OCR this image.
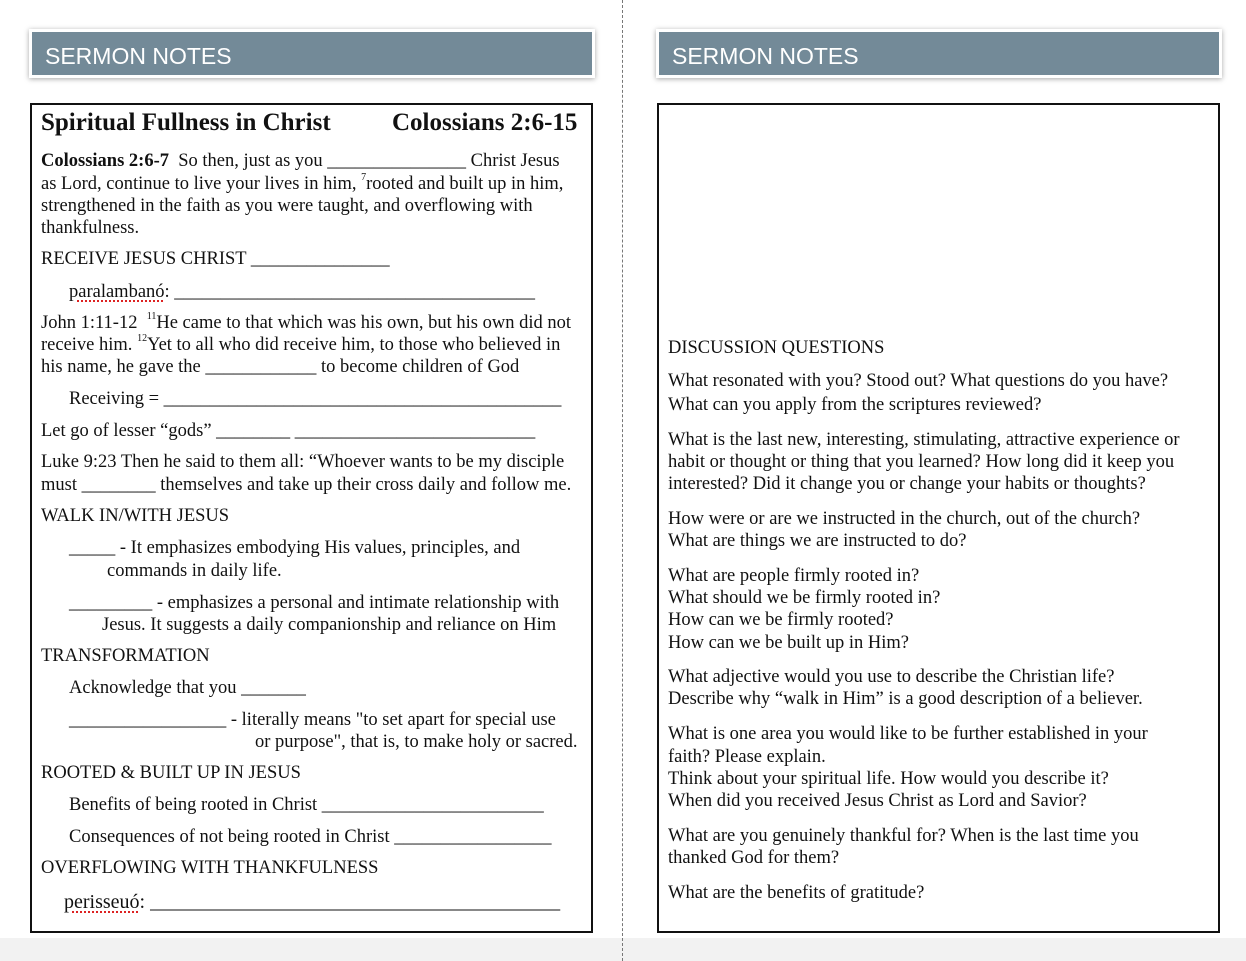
SERMON NOTES	SERMON NOTES
Spiritual Fullness in Christ Colossians 2:6-15
Colossians 2:6-7 So then, just as you _______________ Christ Jesus
as Lord, continue to live your lives in him, $^7$rooted and built up in him,
strengthened in the faith as you were taught, and overflowing with
thankfulness.
RECEIVE JESUS CHRIST _______________
paralambanó: _______________________________________
John 1:11-12 $^{11}$He came to that which was his own, but his own did not
receive him. $^{12}$Yet to all who did receive him, to those who believed in
his name, he gave the ____________ to become children of God
Receiving = ___________________________________________
Let go of lesser “gods” ________ __________________________
Luke 9:23 Then he said to them all: “Whoever wants to be my disciple
must ________ themselves and take up their cross daily and follow me.
WALK IN/WITH JESUS
_____ - It emphasizes embodying His values, principles, and
commands in daily life.
_________ - emphasizes a personal and intimate relationship with
Jesus. It suggests a daily companionship and reliance on Him
TRANSFORMATION
Acknowledge that you _______
_________________ - literally means "to set apart for special use
or purpose", that is, to make holy or sacred.
ROOTED & BUILT UP IN JESUS
Benefits of being rooted in Christ ________________________
Consequences of not being rooted in Christ _________________
OVERFLOWING WITH THANKFULNESS
perisseuó: _________________________________________
DISCUSSION QUESTIONS
What resonated with you? Stood out? What questions do you have?
What can you apply from the scriptures reviewed?
What is the last new, interesting, stimulating, attractive experience or
habit or thought or thing that you learned? How long did it keep you
interested? Did it change you or change your habits or thoughts?
How were or are we instructed in the church, out of the church?
What are things we are instructed to do?
What are people firmly rooted in?
What should we be firmly rooted in?
How can we be firmly rooted?
How can we be built up in Him?
What adjective would you use to describe the Christian life?
Describe why “walk in Him” is a good description of a believer.
What is one area you would like to be further established in your
faith? Please explain.
Think about your spiritual life. How would you describe it?
When did you received Jesus Christ as Lord and Savior?
What are you genuinely thankful for? When is the last time you
thanked God for them?
What are the benefits of gratitude?
